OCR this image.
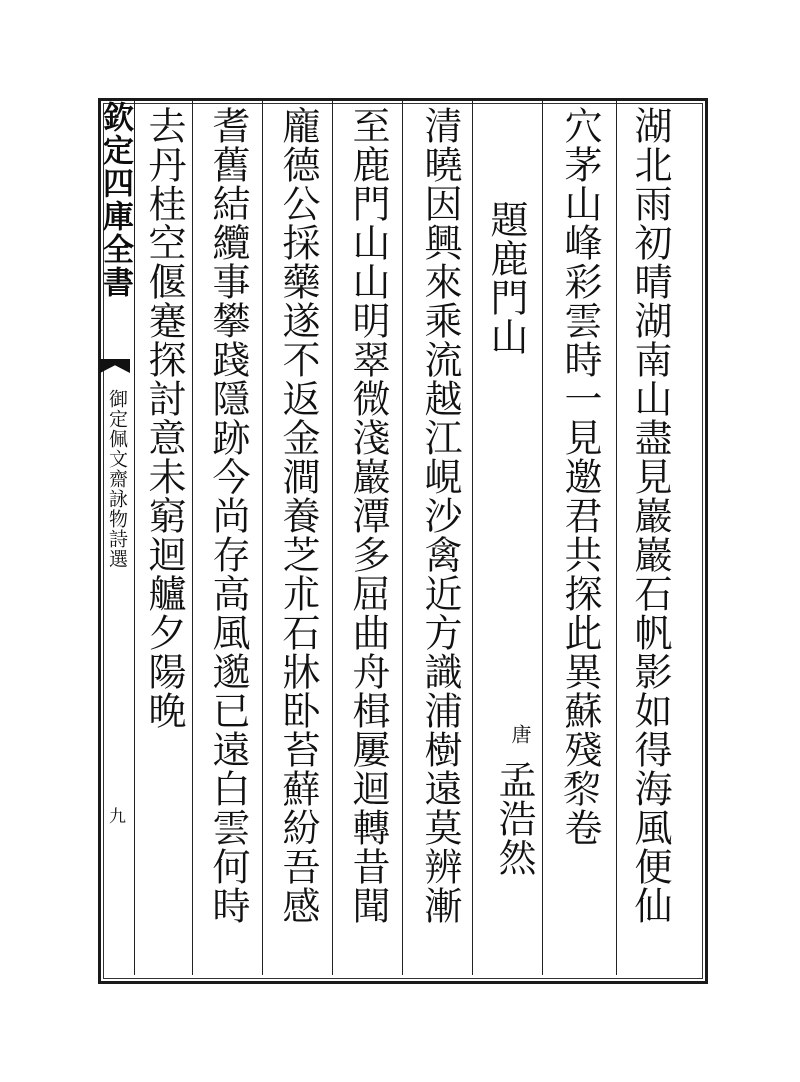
欽定四庫全書
御定佩文齋詠物詩選
九	湖北雨初晴湖南山盡見巖巖石帆影如得海風便仙
穴茅山峰彩雲時一見邀君共探此異蘇殘𥟖卷
題鹿門山
唐
孟浩然
清曉因興來乘流越江峴沙禽近方識浦樹遠莫辨漸
至鹿門山山明翠微淺巖潭多屈曲舟楫屢迴轉昔聞
龐德公採藥遂不返金澗養芝朮石牀卧苔蘚紛吾感
耆舊結纜事攀踐隱跡今尚存高風邈已遠白雲何時
去丹桂空偃蹇探討意未窮迴艫夕陽晚
